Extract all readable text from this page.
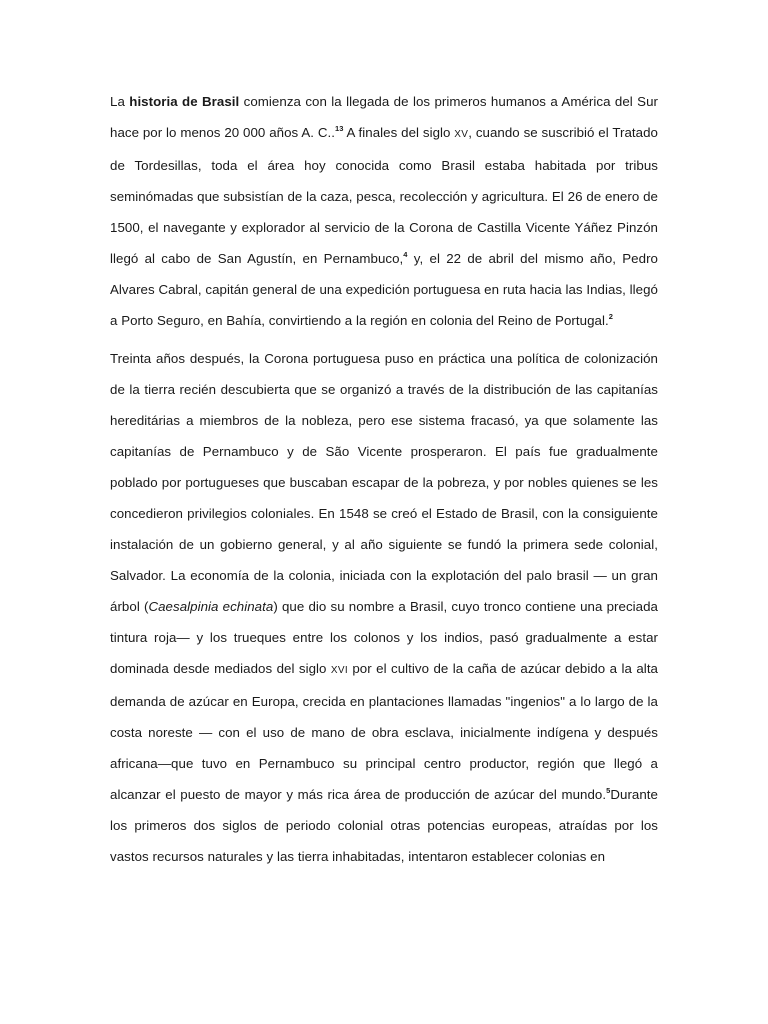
La historia de Brasil comienza con la llegada de los primeros humanos a América del Sur hace por lo menos 20 000 años A. C..$^{13}$ A finales del siglo XV, cuando se suscribió el Tratado de Tordesillas, toda el área hoy conocida como Brasil estaba habitada por tribus seminómadas que subsistían de la caza, pesca, recolección y agricultura. El 26 de enero de 1500, el navegante y explorador al servicio de la Corona de Castilla Vicente Yáñez Pinzón llegó al cabo de San Agustín, en Pernambuco,$^4$ y, el 22 de abril del mismo año, Pedro Alvares Cabral, capitán general de una expedición portuguesa en ruta hacia las Indias, llegó a Porto Seguro, en Bahía, convirtiendo a la región en colonia del Reino de Portugal.$^2$

Treinta años después, la Corona portuguesa puso en práctica una política de colonización de la tierra recién descubierta que se organizó a través de la distribución de las capitanías hereditárias a miembros de la nobleza, pero ese sistema fracasó, ya que solamente las capitanías de Pernambuco y de São Vicente prosperaron. El país fue gradualmente poblado por portugueses que buscaban escapar de la pobreza, y por nobles quienes se les concedieron privilegios coloniales. En 1548 se creó el Estado de Brasil, con la consiguiente instalación de un gobierno general, y al año siguiente se fundó la primera sede colonial, Salvador. La economía de la colonia, iniciada con la explotación del palo brasil — un gran árbol (Caesalpinia echinata) que dio su nombre a Brasil, cuyo tronco contiene una preciada tintura roja— y los trueques entre los colonos y los indios, pasó gradualmente a estar dominada desde mediados del siglo XVI por el cultivo de la caña de azúcar debido a la alta demanda de azúcar en Europa, crecida en plantaciones llamadas "ingenios" a lo largo de la costa noreste — con el uso de mano de obra esclava, inicialmente indígena y después africana—que tuvo en Pernambuco su principal centro productor, región que llegó a alcanzar el puesto de mayor y más rica área de producción de azúcar del mundo.$^5$Durante los primeros dos siglos de periodo colonial otras potencias europeas, atraídas por los vastos recursos naturales y las tierra inhabitadas, intentaron establecer colonias en
